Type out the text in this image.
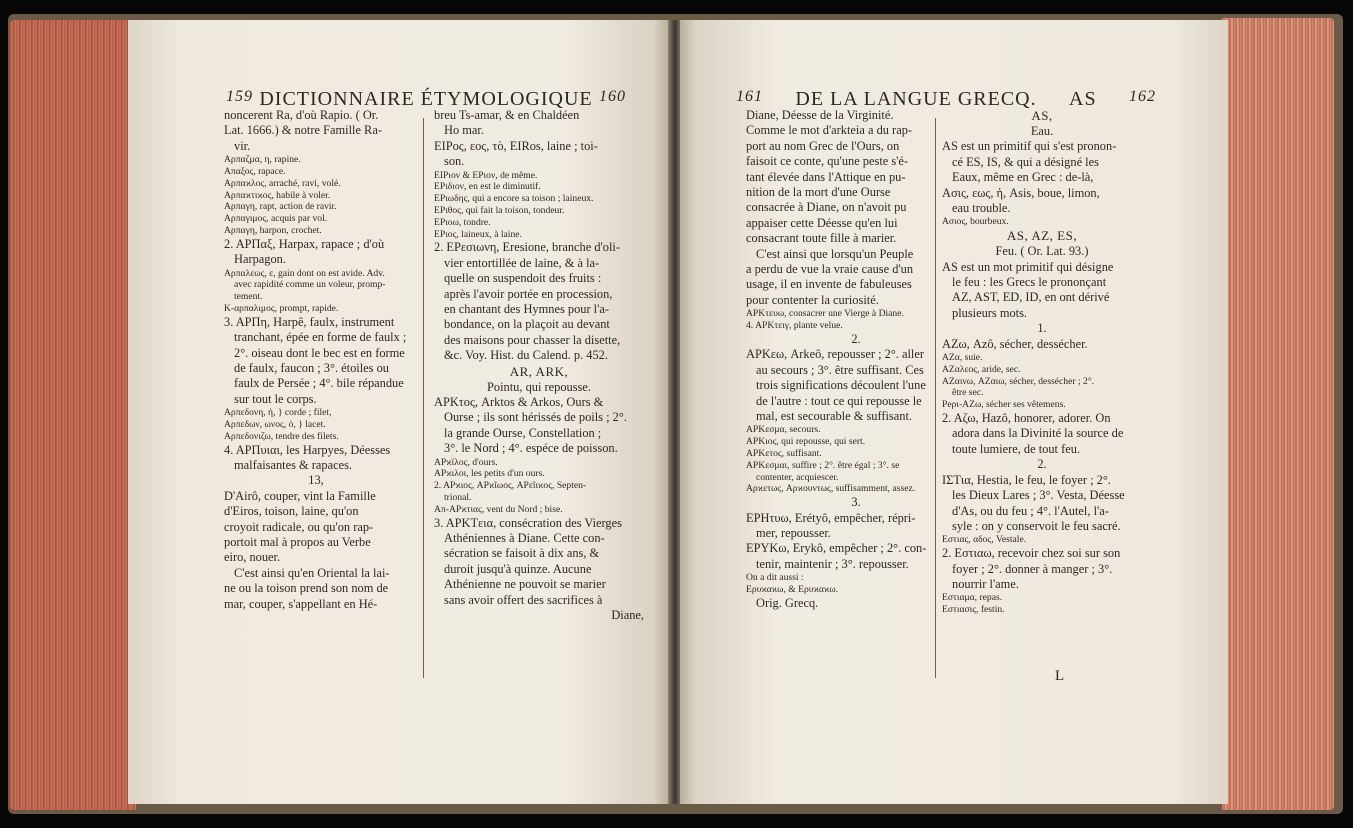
159 DICTIONNAIRE ÉTYMOLOGIQUE 160

noncerent Ra, d'où Rapio. ( Or.

Lat. 1666.) & notre Famille Ra-

vir.

Aρπαζμα, η, rapine.

Aπαξος, rapace.

Aρπαϰλος, arraché, ravi, volé.

Aρπαϰτιϰος, habile à voler.

Aρπαγη, rapt, action de ravir.

Aρπαγιμος, acquis par vol.

Aρπαγη, harpon, crochet.

2. APΠαξ, Harpax, rapace ; d'où

Harpagon.

Aρπαλεως, ε, gain dont on est avide. Adv.

avec rapidité comme un voleur, promp-

tement.

K-αρπαλιμος, prompt, rapide.

3. APΠη, Harpê, faulx, instrument

tranchant, épée en forme de faulx ;

2°. oiseau dont le bec est en forme

de faulx, faucon ; 3°. étoiles ou

faulx de Persée ; 4°. bile répandue

sur tout le corps.

Aρπεδονη, ἡ, } corde ; filet,

Aρπεδων, ωνος, ὁ, } lacet.

Aρπεδονιζω, tendre des filets.

4. APΠυιαι, les Harpyes, Déesses

malfaisantes & rapaces.

13,

D'Airô, couper, vint la Famille

d'Eiros, toison, laine, qu'on

croyoit radicale, ou qu'on rap-

portoit mal à propos au Verbe

eiro, nouer.

C'est ainsi qu'en Oriental la lai-

ne ou la toison prend son nom de

mar, couper, s'appellant en Hé-

breu Ts-amar, & en Chaldéen

Ho mar.

EIPος, εος, τὸ, EIRos, laine ; toi-

son.

EIPιον & EPιον, de même.

EPιδιον, en est le diminutif.

EPιωδης, qui a encore sa toison ; laineux.

EPιθος, qui fait la toison, tondeur.

EPιοω, tondre.

EPιος, laineux, à laine.

2. EPεσιωνη, Eresione, branche d'oli-

vier entortillée de laine, & à la-

quelle on suspendoit des fruits :

après l'avoir portée en procession,

en chantant des Hymnes pour l'a-

bondance, on la plaçoit au devant

des maisons pour chasser la disette,

&c. Voy. Hist. du Calend. p. 452.

AR, ARK,

Pointu, qui repousse.

APKτος, Arktos & Arkos, Ours &

Ourse ; ils sont hérissés de poils ; 2°.

la grande Ourse, Constellation ;

3°. le Nord ; 4°. espéce de poisson.

APϰϊλος, d'ours.

APϰιλοι, les petits d'un ours.

2. APϰιος, APϰῖωος, APεῖιϰος, Septen-

trional.

Aπ-APϰτιας, vent du Nord ; bise.

3. APKTεια, consécration des Vierges

Athéniennes à Diane. Cette con-

sécration se faisoit à dix ans, &

duroit jusqu'à quinze. Aucune

Athénienne ne pouvoit se marier

sans avoir offert des sacrifices à

Diane,

161 DE LA LANGUE GRECQ. AS 162

Diane, Déesse de la Virginité.

Comme le mot d'arkteia a du rap-

port au nom Grec de l'Ours, on

faisoit ce conte, qu'une peste s'é-

tant élevée dans l'Attique en pu-

nition de la mort d'une Ourse

consacrée à Diane, on n'avoit pu

appaiser cette Déesse qu'en lui

consacrant toute fille à marier.

C'est ainsi que lorsqu'un Peuple

a perdu de vue la vraie cause d'un

usage, il en invente de fabuleuses

pour contenter la curiosité.

APKτευω, consacrer une Vierge à Diane.

4. APKτειγ, plante velue.

2.

APKεω, Arkeô, repousser ; 2°. aller

au secours ; 3°. être suffisant. Ces

trois significations découlent l'une

de l'autre : tout ce qui repousse le

mal, est secourable & suffisant.

APKεσμα, secours.

APKιος, qui repousse, qui sert.

APKετος, suffisant.

APKεσμαι, suffire ; 2°. être égal ; 3°. se

contenter, acquiescer.

Aρϰετως, Aρϰουντως, suffisamment, assez.

3.

EPHτυω, Erétyô, empêcher, répri-

mer, repousser.

EPYKω, Erykô, empêcher ; 2°. con-

tenir, maintenir ; 3°. repousser.

On a dit aussi :

Eρυϰαϰω, & Eρυϰαϰω.

Orig. Grecq.

AS,

Eau.

AS est un primitif qui s'est pronon-

cé ES, IS, & qui a désigné les

Eaux, même en Grec : de-là,

Aσις, εως, ἡ, Asis, boue, limon,

eau trouble.

Aσιος, bourbeux.

AS, AZ, ES,

Feu. ( Or. Lat. 93.)

AS est un mot primitif qui désigne

le feu : les Grecs le prononçant

AZ, AST, ED, ID, en ont dérivé

plusieurs mots.

1.

AZω, Azô, sécher, dessécher.

AZα, suie.

AZαλεος, aride, sec.

AZαινω, AZαιω, sécher, dessécher ; 2°.

être sec.

Peρι-AZω, sécher ses vêtemens.

2. Aζω, Hazô, honorer, adorer. On

adora dans la Divinité la source de

toute lumiere, de tout feu.

2.

ΙΣTια, Hestia, le feu, le foyer ; 2°.

les Dieux Lares ; 3°. Vesta, Déesse

d'As, ou du feu ; 4°. l'Autel, l'a-

syle : on y conservoit le feu sacré.

Eστιας, αδος, Vestale.

2. Eστιαω, recevoir chez soi sur son

foyer ; 2°. donner à manger ; 3°.

nourrir l'ame.

Eστιαμα, repas.

Eστιασις, festin.

L
